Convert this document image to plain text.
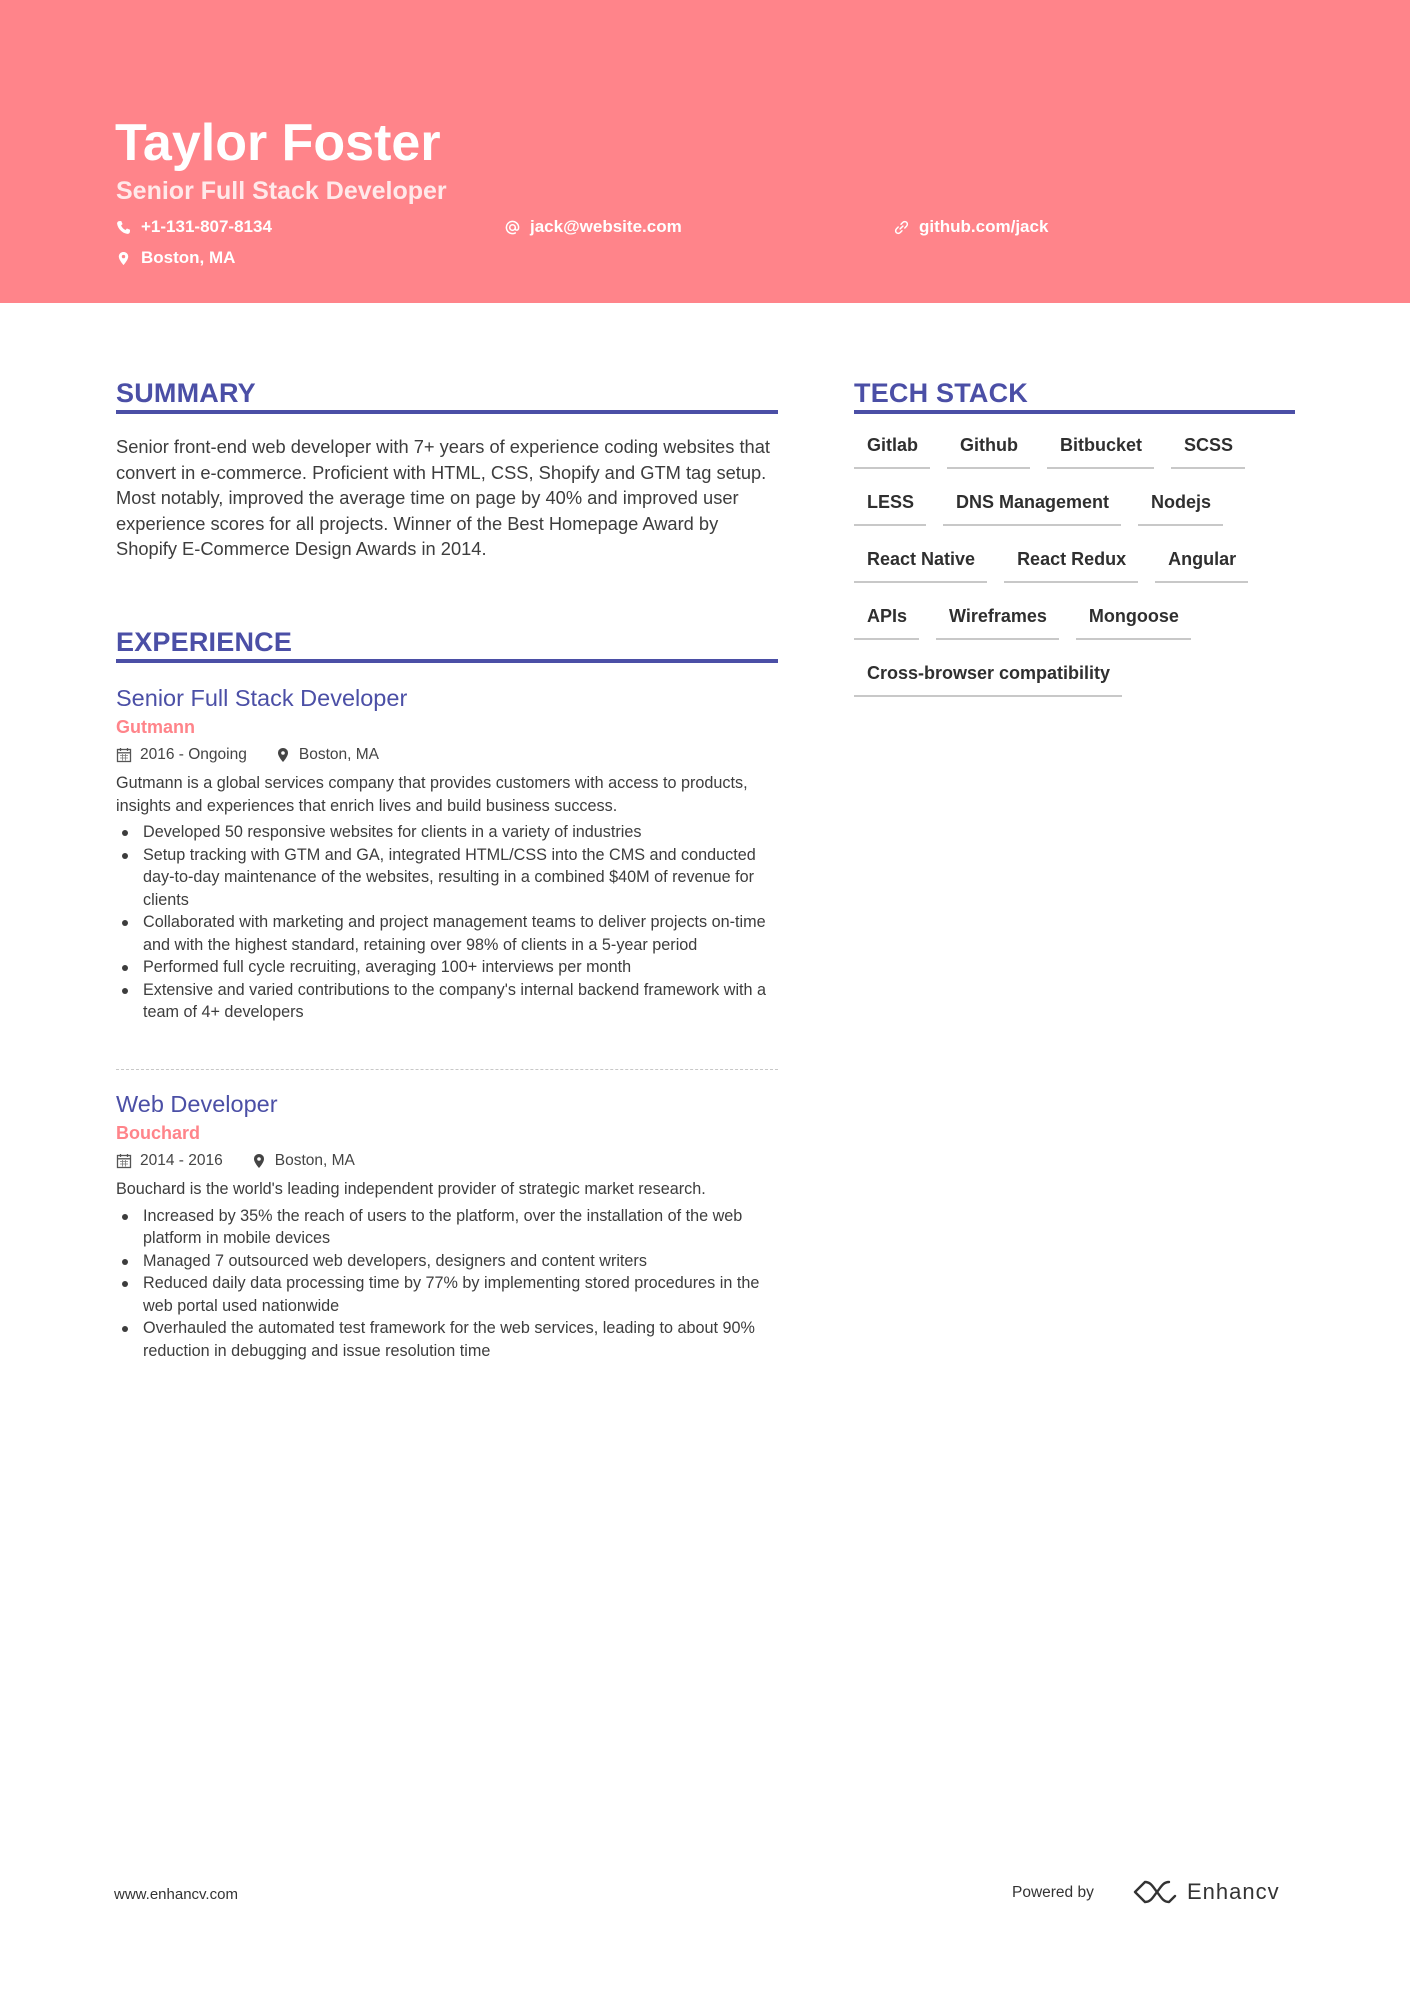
Taylor Foster
Senior Full Stack Developer
+1-131-807-8134	jack@website.com	github.com/jack
Boston, MA
SUMMARY
Senior front-end web developer with 7+ years of experience coding websites that convert in e-commerce. Proficient with HTML, CSS, Shopify and GTM tag setup. Most notably, improved the average time on page by 40% and improved user experience scores for all projects. Winner of the Best Homepage Award by Shopify E-Commerce Design Awards in 2014.
EXPERIENCE
Senior Full Stack Developer
Gutmann
2016 - Ongoing	Boston, MA
Gutmann is a global services company that provides customers with access to products, insights and experiences that enrich lives and build business success.
Developed 50 responsive websites for clients in a variety of industries
Setup tracking with GTM and GA, integrated HTML/CSS into the CMS and conducted day-to-day maintenance of the websites, resulting in a combined $40M of revenue for clients
Collaborated with marketing and project management teams to deliver projects on-time and with the highest standard, retaining over 98% of clients in a 5-year period
Performed full cycle recruiting, averaging 100+ interviews per month
Extensive and varied contributions to the company's internal backend framework with a team of 4+ developers
Web Developer
Bouchard
2014 - 2016	Boston, MA
Bouchard is the world's leading independent provider of strategic market research.
Increased by 35% the reach of users to the platform, over the installation of the web platform in mobile devices
Managed 7 outsourced web developers, designers and content writers
Reduced daily data processing time by 77% by implementing stored procedures in the web portal used nationwide
Overhauled the automated test framework for the web services, leading to about 90% reduction in debugging and issue resolution time
TECH STACK
Gitlab	Github	Bitbucket	SCSS
LESS	DNS Management	Nodejs
React Native	React Redux	Angular
APIs	Wireframes	Mongoose
Cross-browser compatibility
www.enhancv.com	Powered by	Enhancv
